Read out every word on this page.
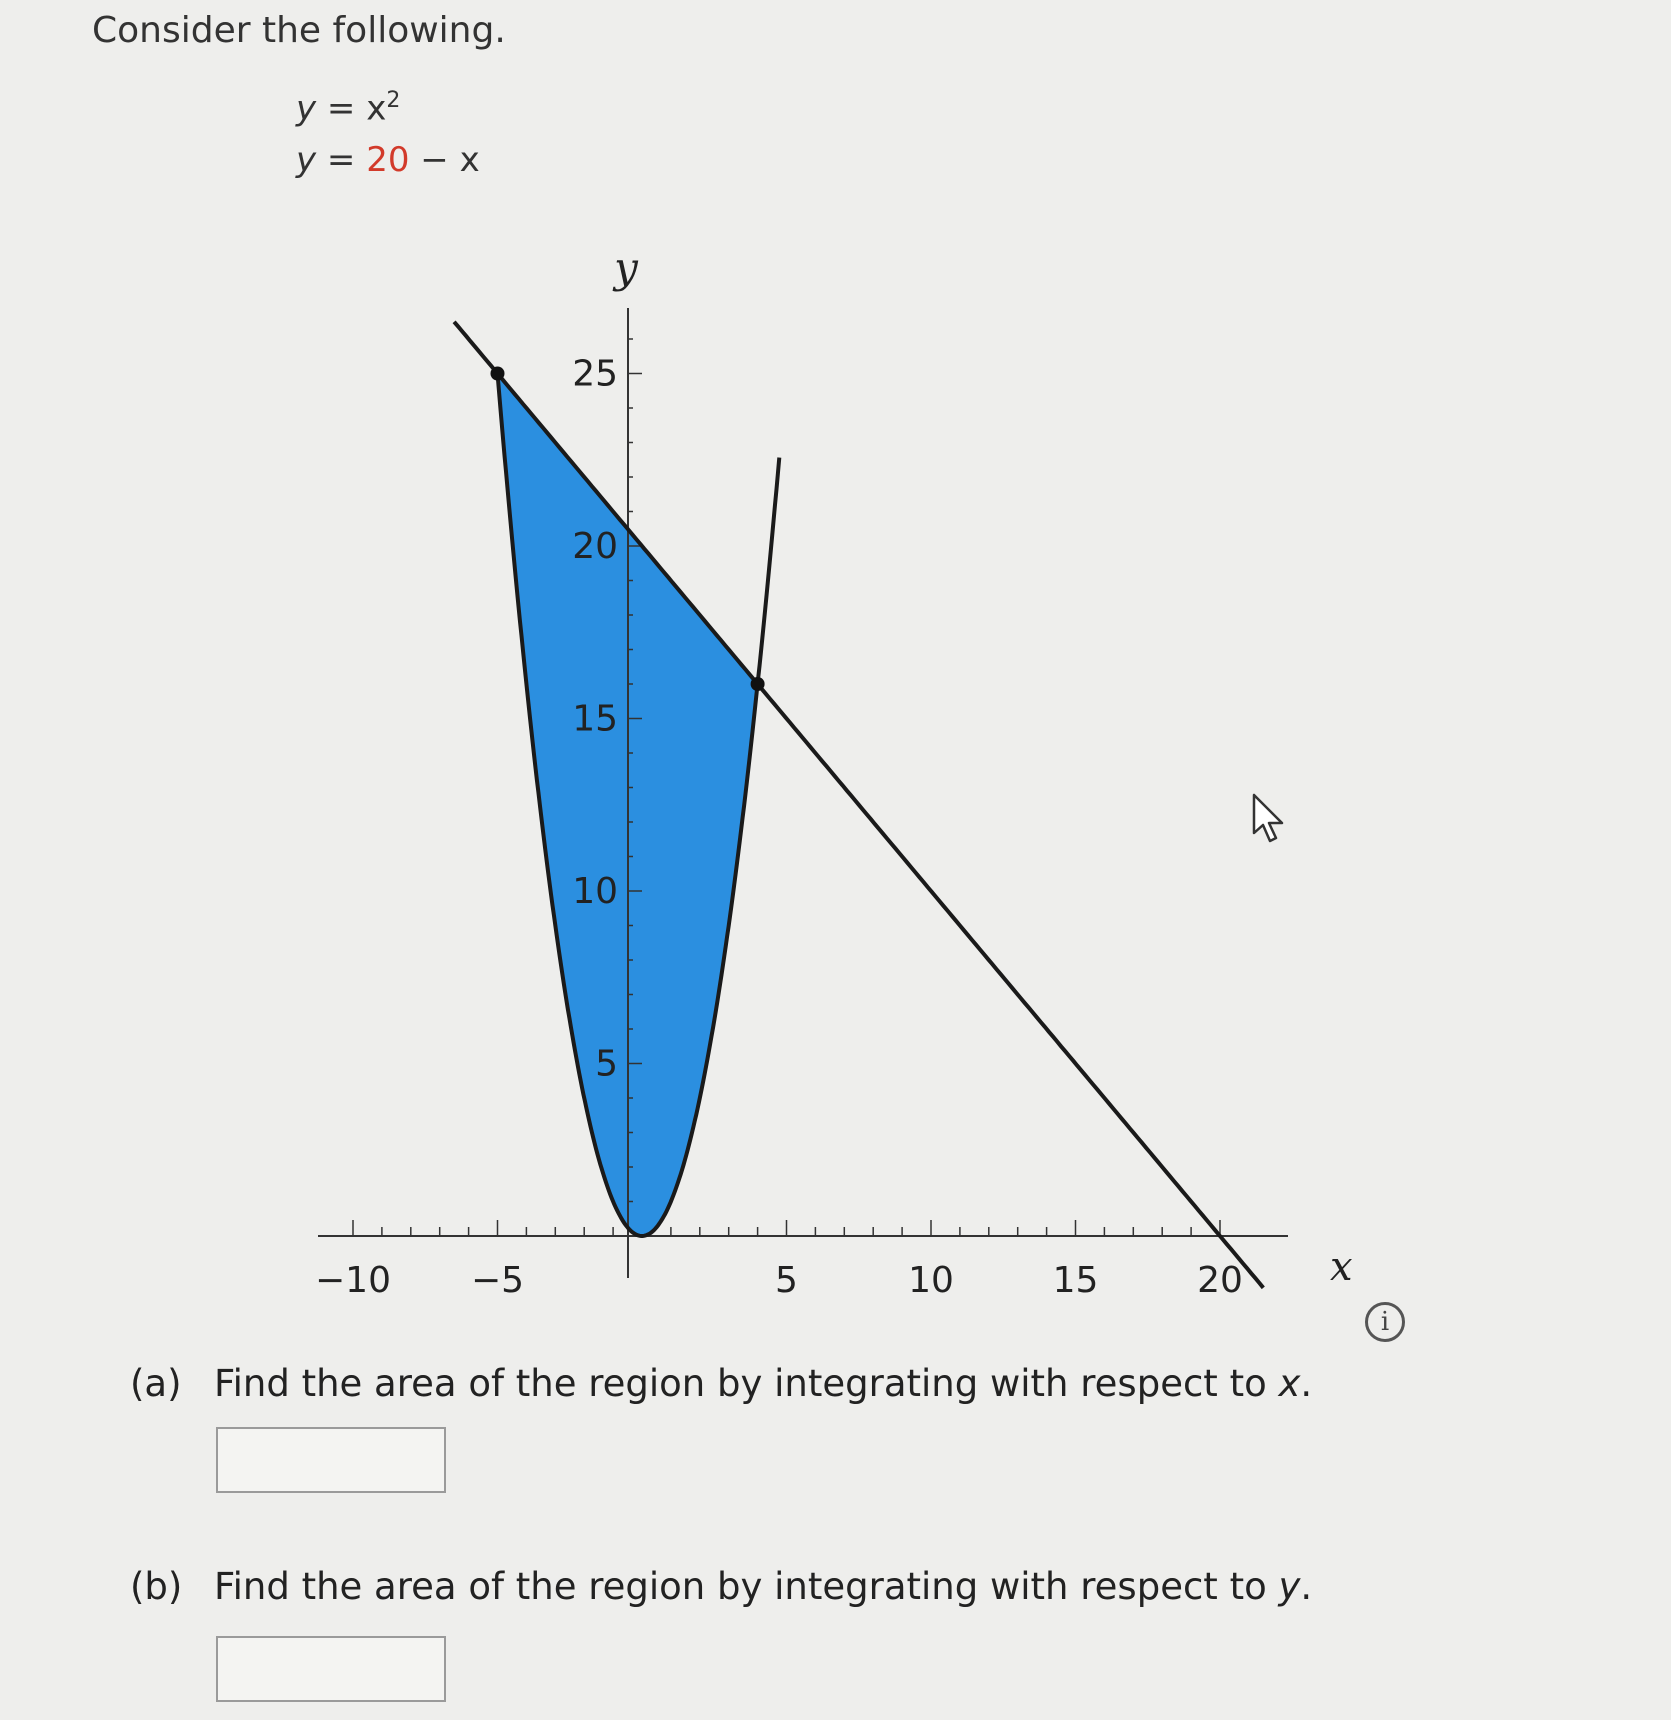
Consider the following.
$y = x^2$
y = 20 − x
−10 −5	5	10	15	20
5
10
15
20
25
x
y
i
(a) Find the area of the region by integrating with respect to x.
(b) Find the area of the region by integrating with respect to y.
